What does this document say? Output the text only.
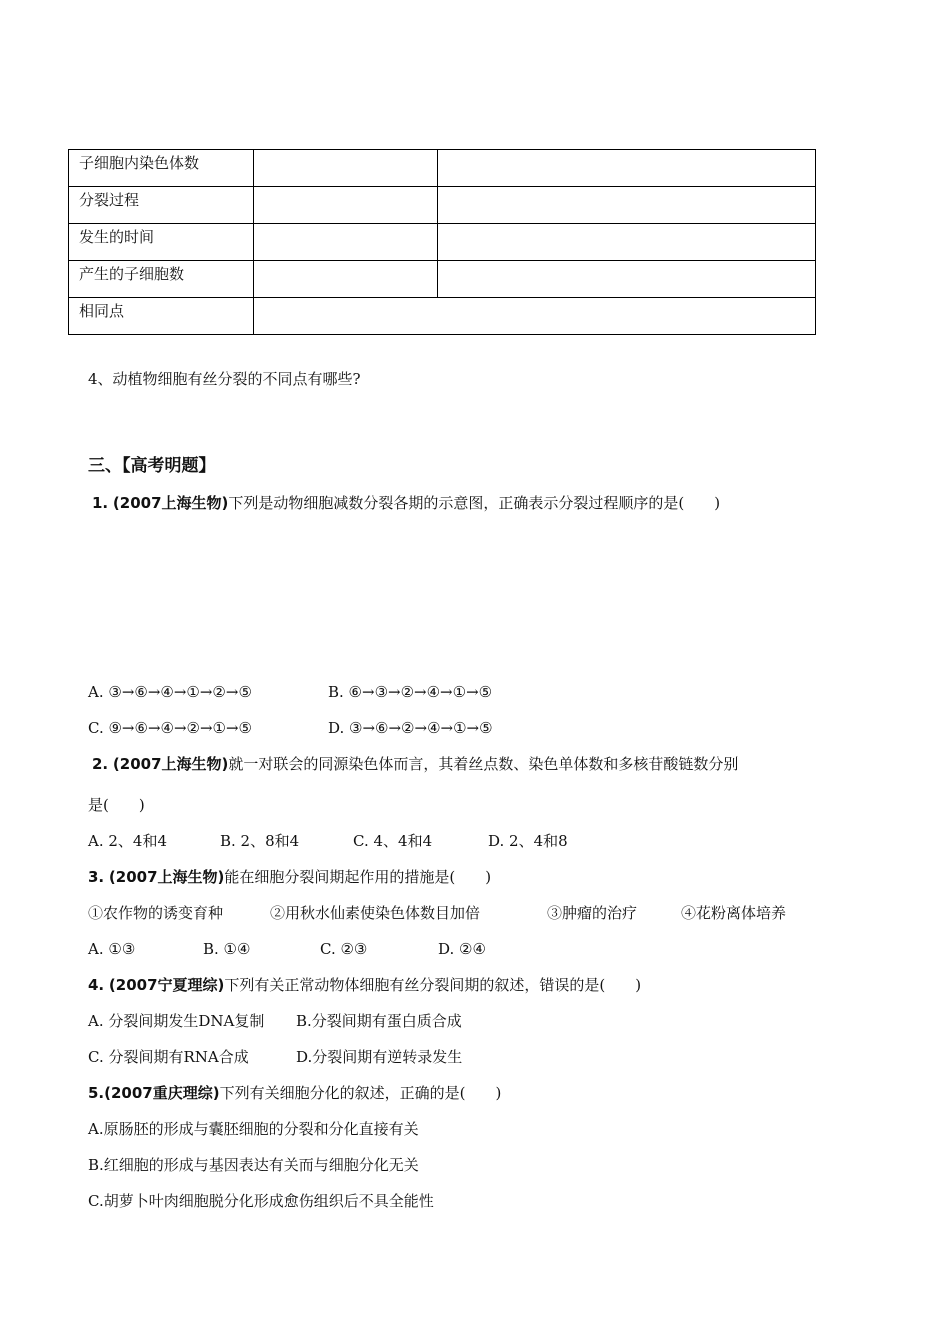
子细胞内染色体数		
分裂过程		
发生的时间		
产生的子细胞数		
相同点		
4、动植物细胞有丝分裂的不同点有哪些?
三、【高考明题】
1. (2007上海生物)下列是动物细胞减数分裂各期的示意图，正确表示分裂过程顺序的是(　　)
A. ③→⑥→④→①→②→⑤	B. ⑥→③→②→④→①→⑤
C. ⑨→⑥→④→②→①→⑤	D. ③→⑥→②→④→①→⑤
2. (2007上海生物)就一对联会的同源染色体而言，其着丝点数、染色单体数和多核苷酸链数分别
是(　　)
A. 2、4和4	B. 2、8和4	C. 4、4和4	D. 2、4和8
3. (2007上海生物)能在细胞分裂间期起作用的措施是(　　)
①农作物的诱变育种	②用秋水仙素使染色体数目加倍	③肿瘤的治疗	④花粉离体培养
A. ①③	B. ①④	C. ②③	D. ②④
4. (2007宁夏理综)下列有关正常动物体细胞有丝分裂间期的叙述，错误的是(　　)
A. 分裂间期发生DNA复制 B.分裂间期有蛋白质合成
C. 分裂间期有RNA合成	D.分裂间期有逆转录发生
5.(2007重庆理综)下列有关细胞分化的叙述，正确的是(　　)
A.原肠胚的形成与囊胚细胞的分裂和分化直接有关
B.红细胞的形成与基因表达有关而与细胞分化无关
C.胡萝卜叶肉细胞脱分化形成愈伤组织后不具全能性
